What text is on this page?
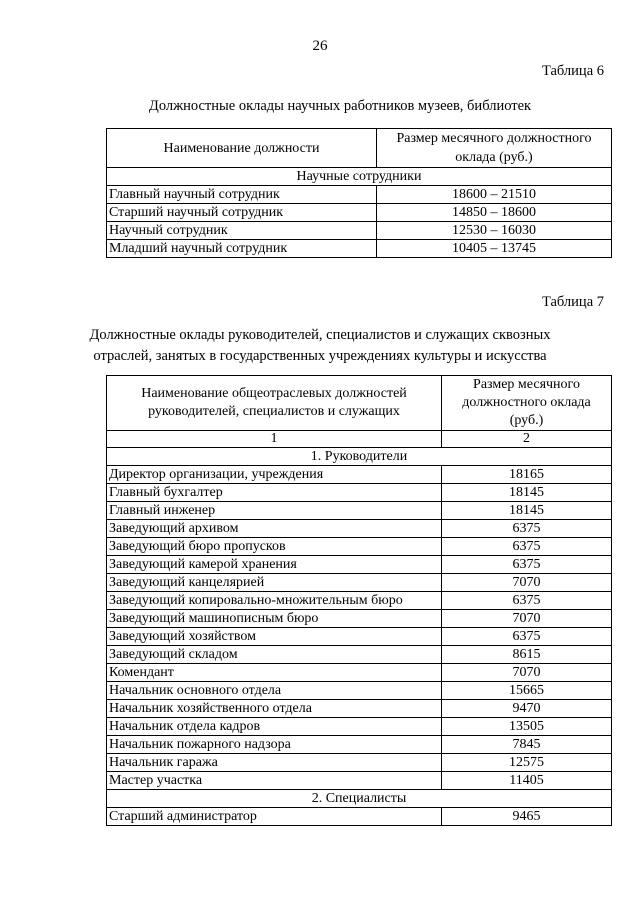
26
Таблица 6
Должностные оклады научных работников музеев, библиотек
Наименование должности	Размер месячного должностного оклада (руб.)
Научные сотрудники	
Главный научный сотрудник	18600 – 21510
Старший научный сотрудник	14850 – 18600
Научный сотрудник	12530 – 16030
Младший научный сотрудник	10405 – 13745
Таблица 7
Должностные оклады руководителей, специалистов и служащих сквозных
отраслей, занятых в государственных учреждениях культуры и искусства
Наименование общеотраслевых должностей руководителей, специалистов и служащих	Размер месячного должностного оклада (руб.)
1	2
1. Руководители	
Директор организации, учреждения	18165
Главный бухгалтер	18145
Главный инженер	18145
Заведующий архивом	6375
Заведующий бюро пропусков	6375
Заведующий камерой хранения	6375
Заведующий канцелярией	7070
Заведующий копировально-множительным бюро	6375
Заведующий машинописным бюро	7070
Заведующий хозяйством	6375
Заведующий складом	8615
Комендант	7070
Начальник основного отдела	15665
Начальник хозяйственного отдела	9470
Начальник отдела кадров	13505
Начальник пожарного надзора	7845
Начальник гаража	12575
Мастер участка	11405
2. Специалисты	
Старший администратор	9465
